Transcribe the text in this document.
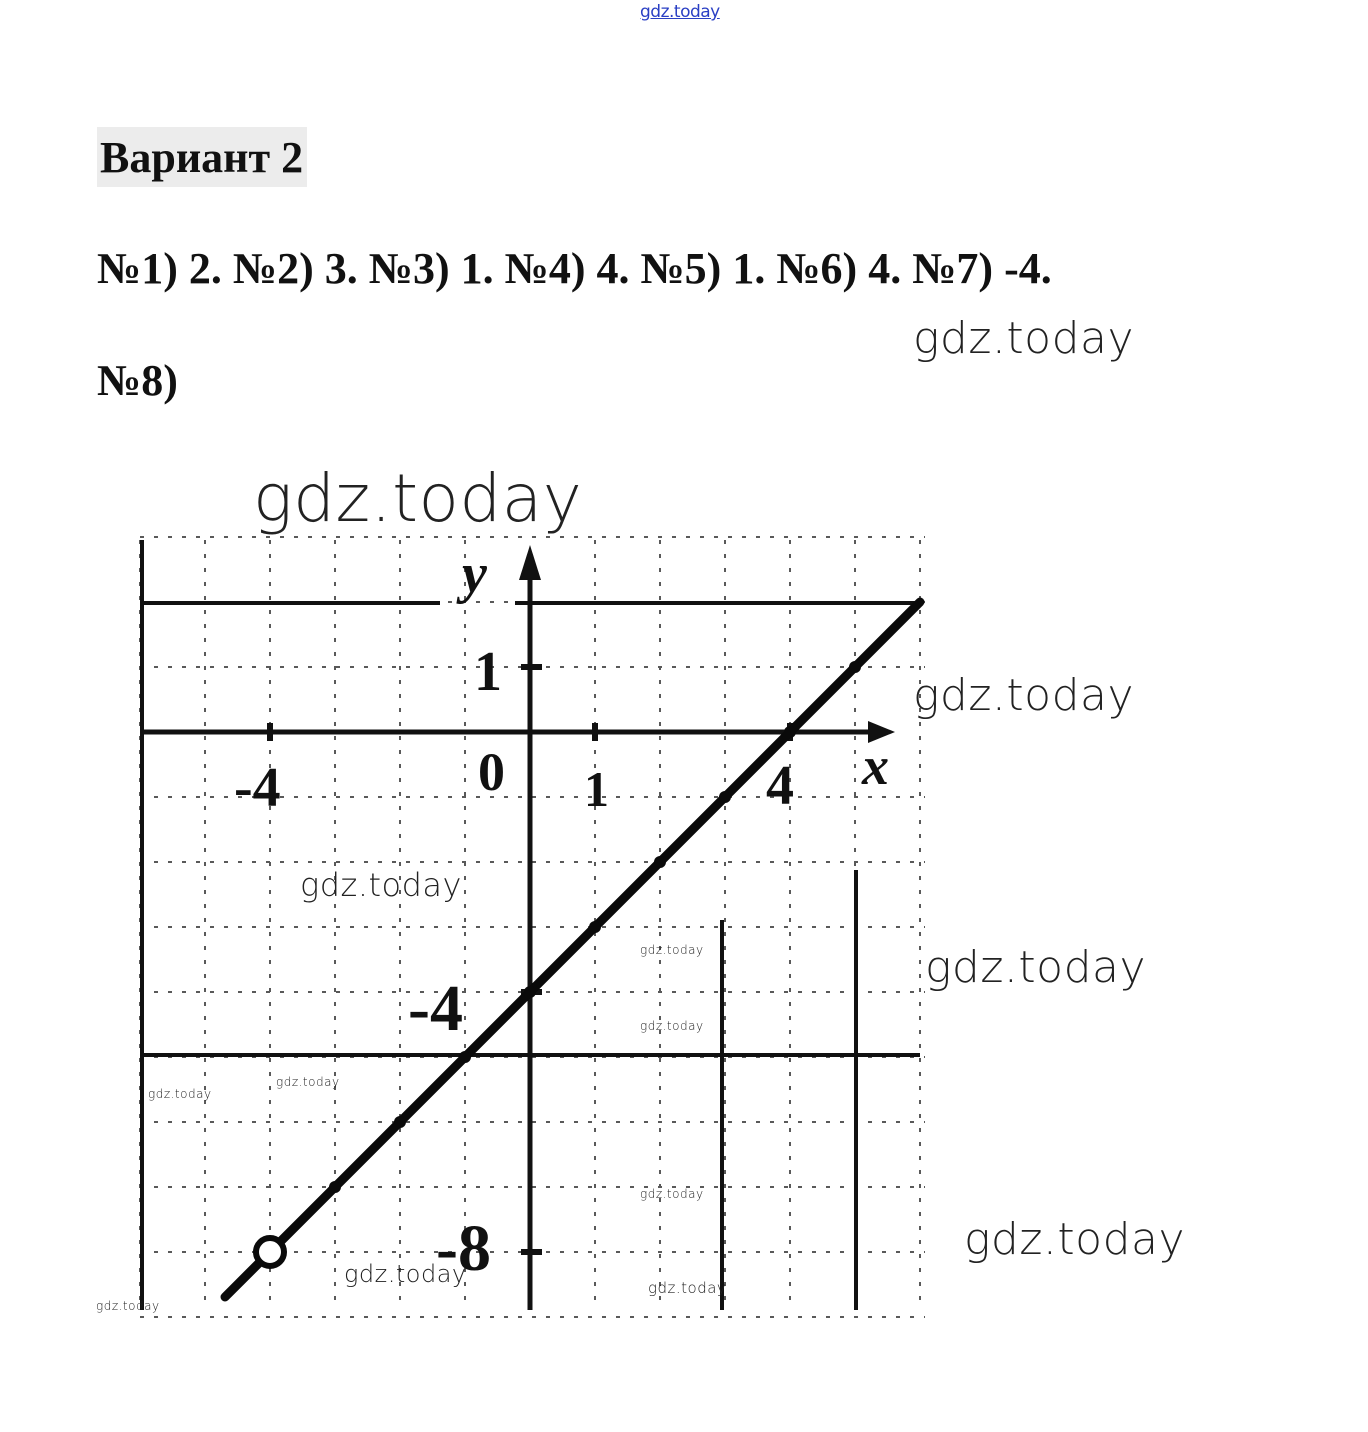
gdz.today
Вариант 2
№1) 2. №2) 3. №3) 1. №4) 4. №5) 1. №6) 4. №7) -4.
№8)
y
x
-4	0 1	4
1
-4
-8
gdz.today
gdz.today
gdz.today
gdz.today
gdz.today
gdz.today
gdz.today
gdz.today
gdz.today
gdz.today
gdz.today
gdz.today	gdz.today
gdz.today
